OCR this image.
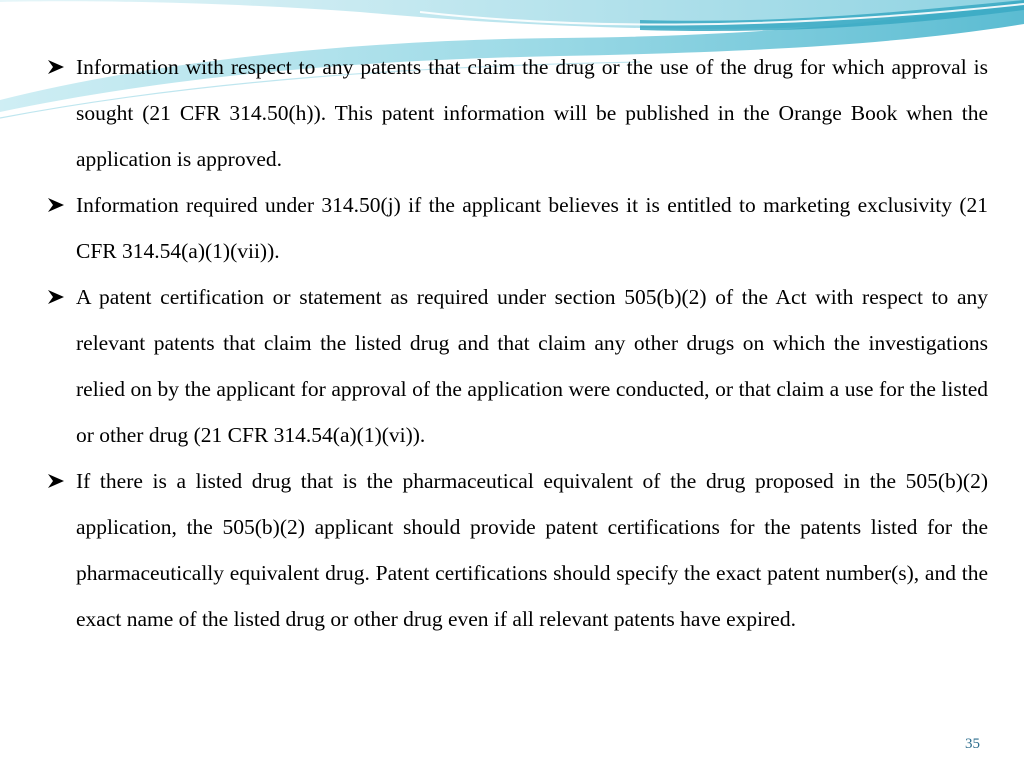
Information with respect to any patents that claim the drug or the use of the drug for which approval is sought (21 CFR 314.50(h)). This patent information will be published in the Orange Book when the application is approved.
Information required under 314.50(j) if the applicant believes it is entitled to marketing exclusivity (21 CFR 314.54(a)(1)(vii)).
A patent certification or statement as required under section 505(b)(2) of the Act with respect to any relevant patents that claim the listed drug and that claim any other drugs on which the investigations relied on by the applicant for approval of the application were conducted, or that claim a use for the listed or other drug (21 CFR 314.54(a)(1)(vi)).
If there is a listed drug that is the pharmaceutical equivalent of the drug proposed in the 505(b)(2) application, the 505(b)(2) applicant should provide patent certifications for the patents listed for the pharmaceutically equivalent drug. Patent certifications should specify the exact patent number(s), and the exact name of the listed drug or other drug even if all relevant patents have expired.
35
